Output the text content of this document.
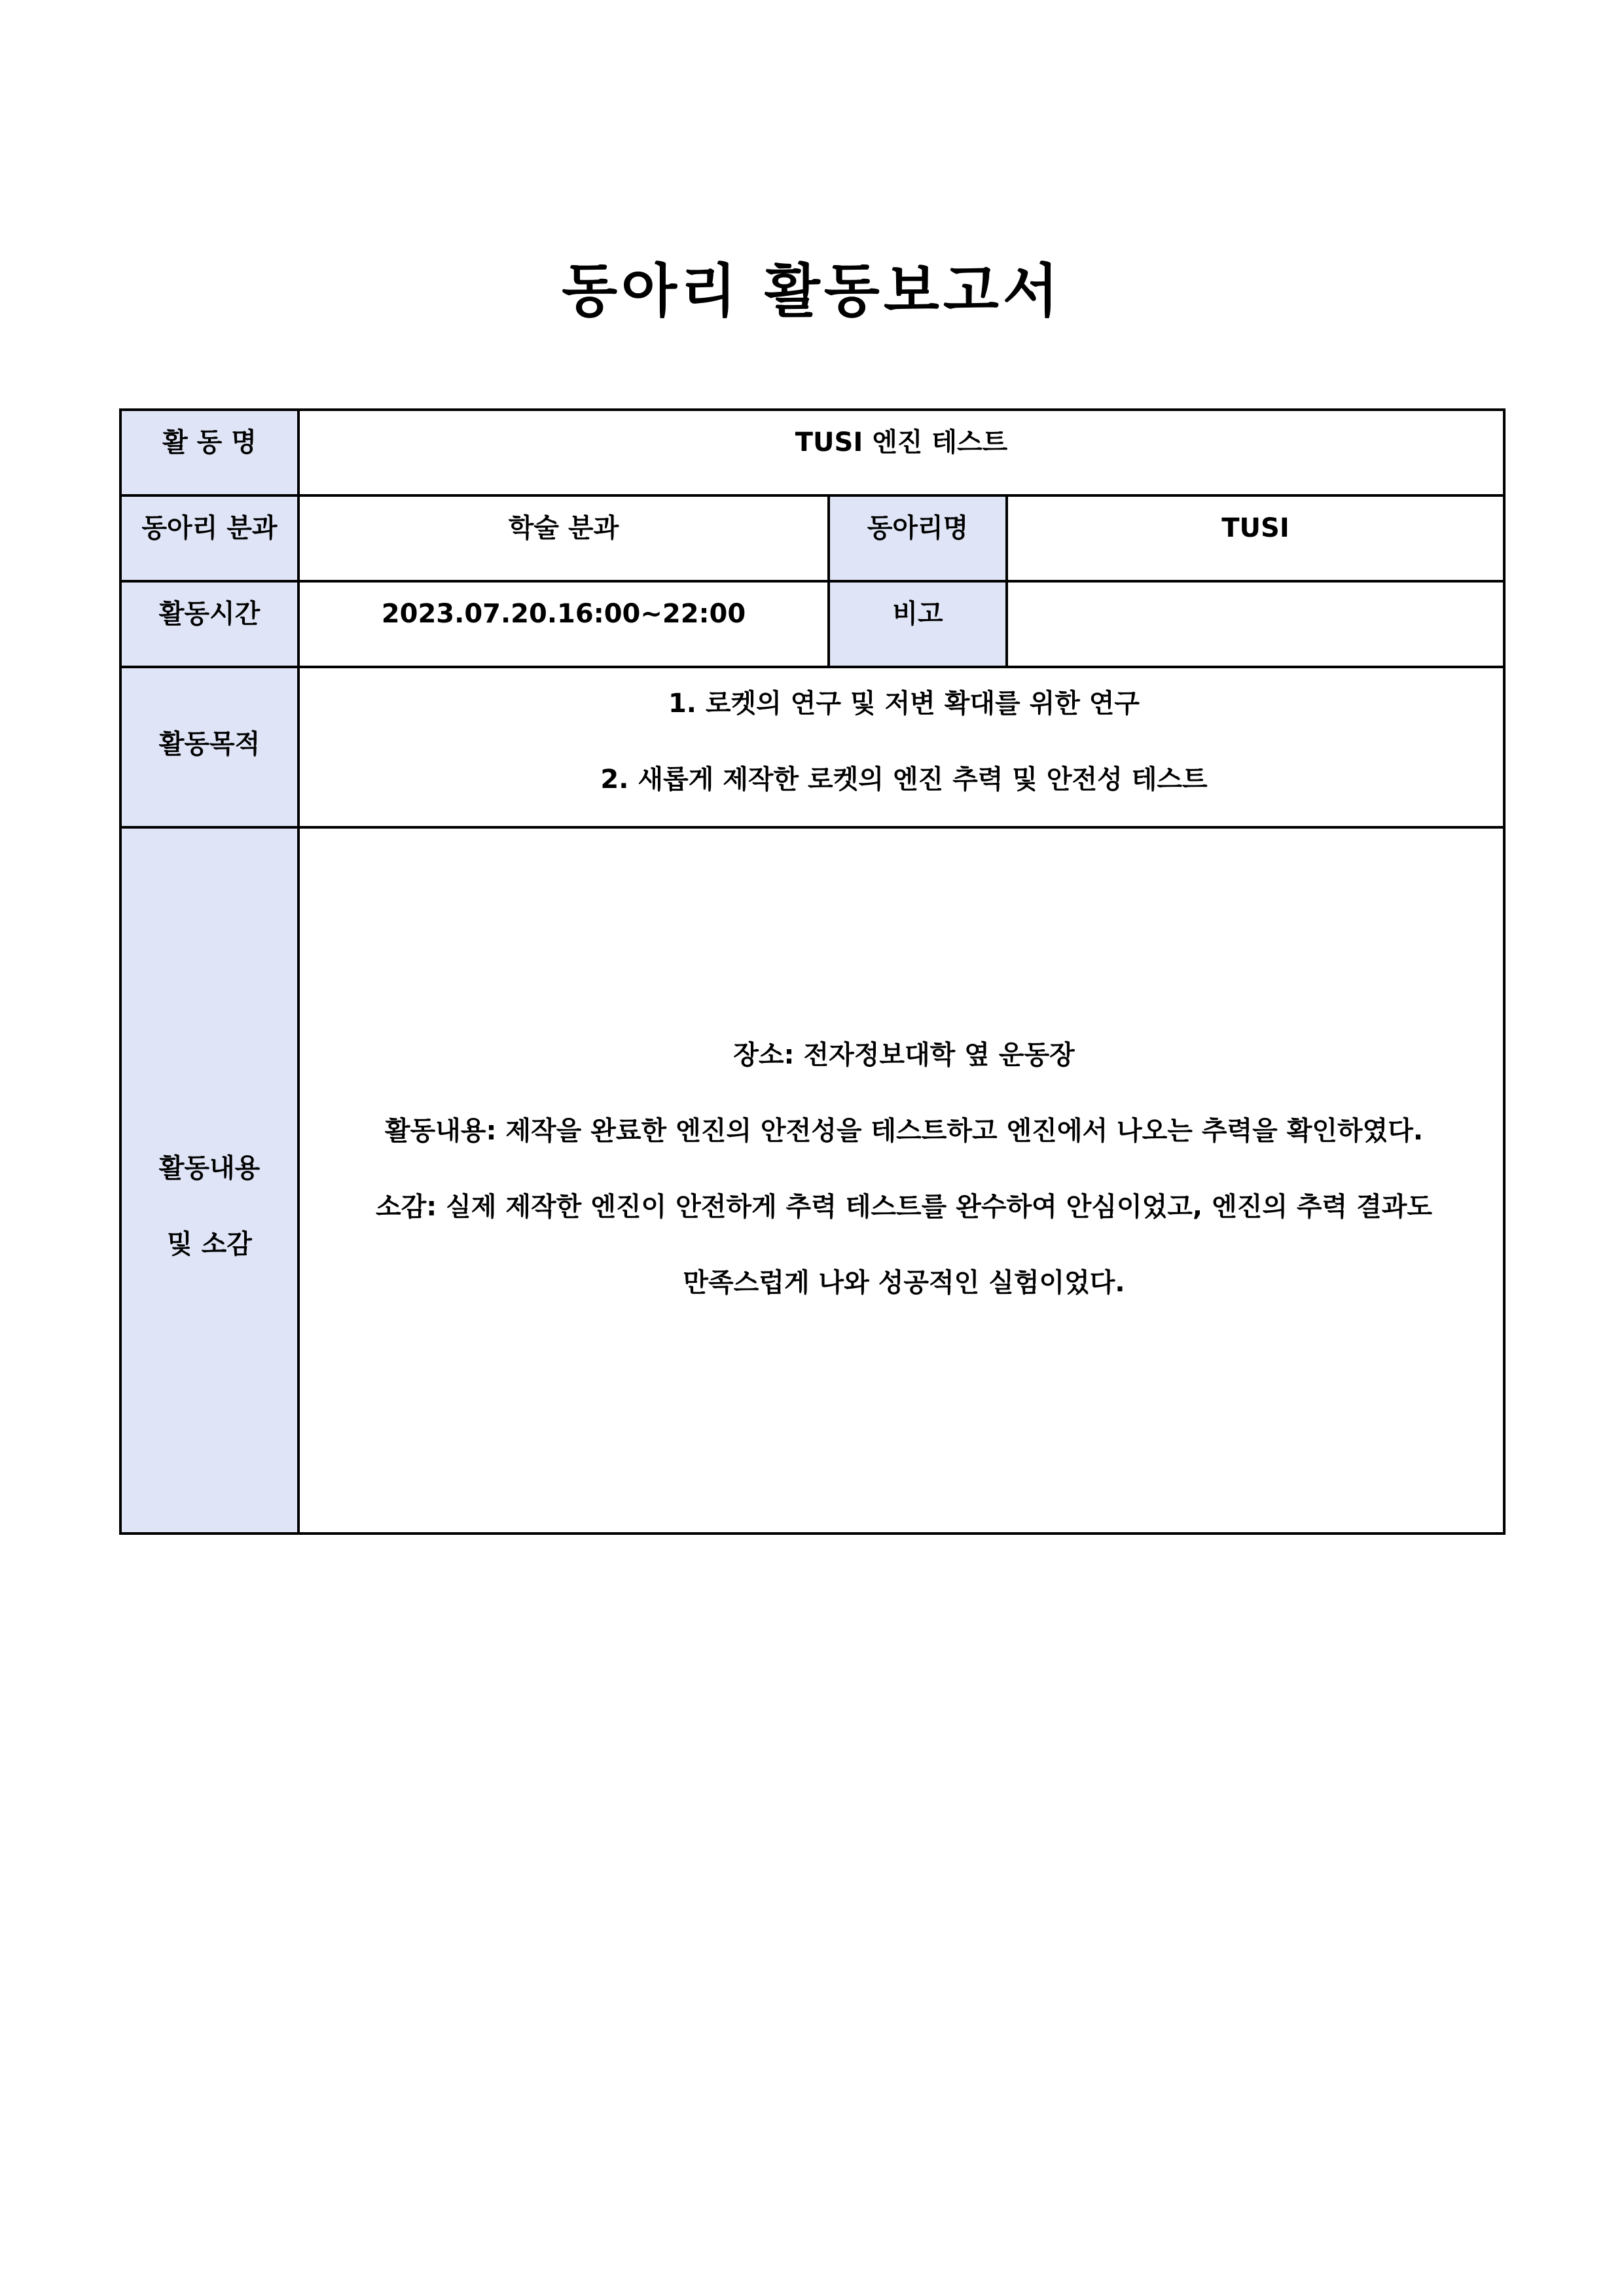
동아리 활동보고서
활 동 명	TUSI 엔진 테스트		
동아리 분과	학술 분과	동아리명	TUSI
활동시간	2023.07.20.16:00~22:00	비고	
활동목적	1. 로켓의 연구 및 저변 확대를 위한 연구
2. 새롭게 제작한 로켓의 엔진 추력 및 안전성 테스트		

활동내용
및 소감	장소: 전자정보대학 옆 운동장
활동내용: 제작을 완료한 엔진의 안전성을 테스트하고 엔진에서 나오는 추력을 확인하였다.
소감: 실제 제작한 엔진이 안전하게 추력 테스트를 완수하여 안심이었고, 엔진의 추력 결과도
만족스럽게 나와 성공적인 실험이었다.		
